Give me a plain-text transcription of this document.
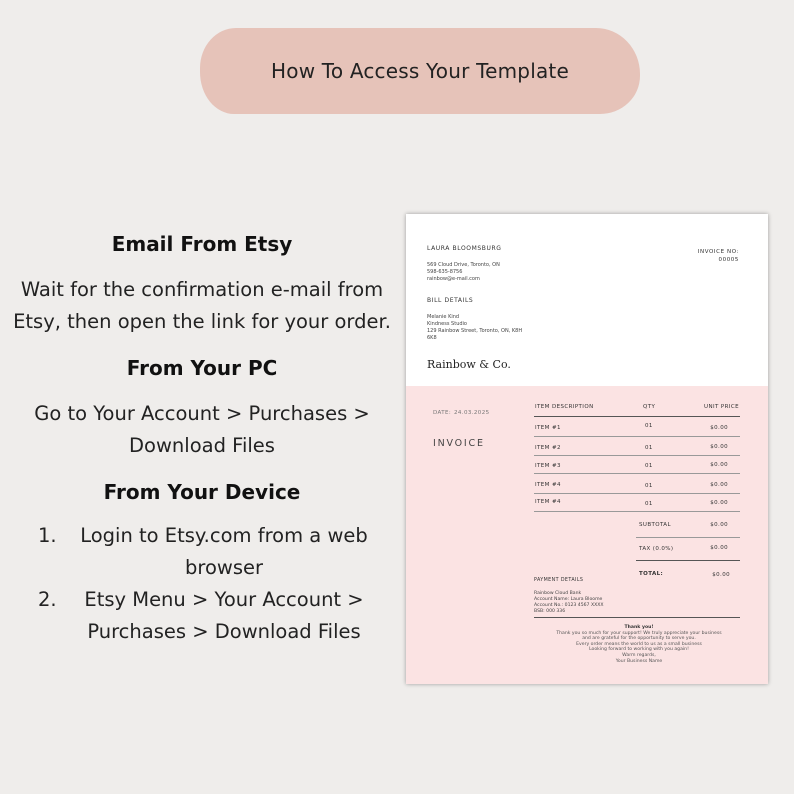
How To Access Your Template
Email From Etsy
Wait for the confirmation e-mail from Etsy, then open the link for your order.
From Your PC
Go to Your Account > Purchases > Download Files
From Your Device
1.	Login to Etsy.com from a web browser
2.	Etsy Menu > Your Account > Purchases > Download Files
LAURA BLOOMSBURG
569 Cloud Drive, Toronto, ON
598-635-8756
rainbow@e-mail.com
INVOICE NO:
00005
BILL DETAILS
Melanie Kind
Kindness Studio
129 Rainbow Street, Toronto, ON, K8H
6K8
Rainbow & Co.
DATE: 24.03.2025
INVOICE
ITEM DESCRIPTION	QTY	UNIT PRICE
ITEM #1	01	$0.00
ITEM #2	01	$0.00
ITEM #3	01	$0.00
ITEM #4	01	$0.00
ITEM #4	01	$0.00
SUBTOTAL	$0.00
TAX (0.0%)	$0.00
TOTAL:	$0.00
PAYMENT DETAILS
Rainbow Cloud Bank
Account Name: Laura Bloome
Account No.: 0123 4567 XXXX
BSB: 000 336
Thank you!
Thank you so much for your support! We truly appreciate your business
and are grateful for the opportunity to serve you.
Every order means the world to us as a small business
Looking forward to working with you again!
Warm regards,
Your Business Name
